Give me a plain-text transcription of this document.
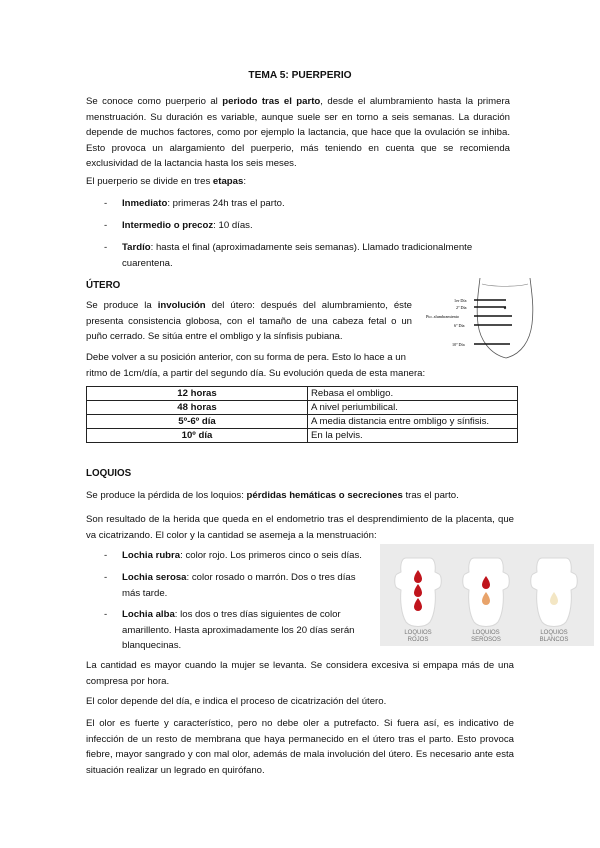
TEMA 5: PUERPERIO

Se conoce como puerperio al periodo tras el parto, desde el alumbramiento hasta la primera menstruación. Su duración es variable, aunque suele ser en torno a seis semanas. La duración depende de muchos factores, como por ejemplo la lactancia, que hace que la ovulación se inhiba. Esto provoca un alargamiento del puerperio, más teniendo en cuenta que se recomienda exclusividad de la lactancia hasta los seis meses.

El puerperio se divide en tres etapas:

- Inmediato: primeras 24h tras el parto.
- Intermedio o precoz: 10 días.
- Tardío: hasta el final (aproximadamente seis semanas). Llamado tradicionalmente cuarentena.
ÚTERO

Se produce la involución del útero: después del alumbramiento, éste presenta consistencia globosa, con el tamaño de una cabeza fetal o un puño cerrado. Se sitúa entre el ombligo y la sínfisis pubiana.

Debe volver a su posición anterior, con su forma de pera. Esto lo hace a un ritmo de 1cm/día, a partir del segundo día. Su evolución queda de esta manera:

1er Día
2º Día
Pto. alumbramiento
6º Día
10º Día
12 horas	Rebasa el ombligo.
48 horas	A nivel periumbilical.
5º-6º día	A media distancia entre ombligo y sínfisis.
10º día	En la pelvis.
LOQUIOS

Se produce la pérdida de los loquios: pérdidas hemáticas o secreciones tras el parto.

Son resultado de la herida que queda en el endometrio tras el desprendimiento de la placenta, que va cicatrizando. El color y la cantidad se asemeja a la menstruación:

- Lochia rubra: color rojo. Los primeros cinco o seis días.
- Lochia serosa: color rosado o marrón. Dos o tres días más tarde.
- Lochia alba: los dos o tres días siguientes de color amarillento. Hasta aproximadamente los 20 días serán blanquecinas.
LOQUIOS
ROJOS
LOQUIOS
SEROSOS
LOQUIOS
BLANCOS

La cantidad es mayor cuando la mujer se levanta. Se considera excesiva si empapa más de una compresa por hora.

El color depende del día, e indica el proceso de cicatrización del útero.

El olor es fuerte y característico, pero no debe oler a putrefacto. Si fuera así, es indicativo de infección de un resto de membrana que haya permanecido en el útero tras el parto. Esto provoca fiebre, mayor sangrado y con mal olor, además de mala involución del útero. Es necesario ante esta situación realizar un legrado en quirófano.
